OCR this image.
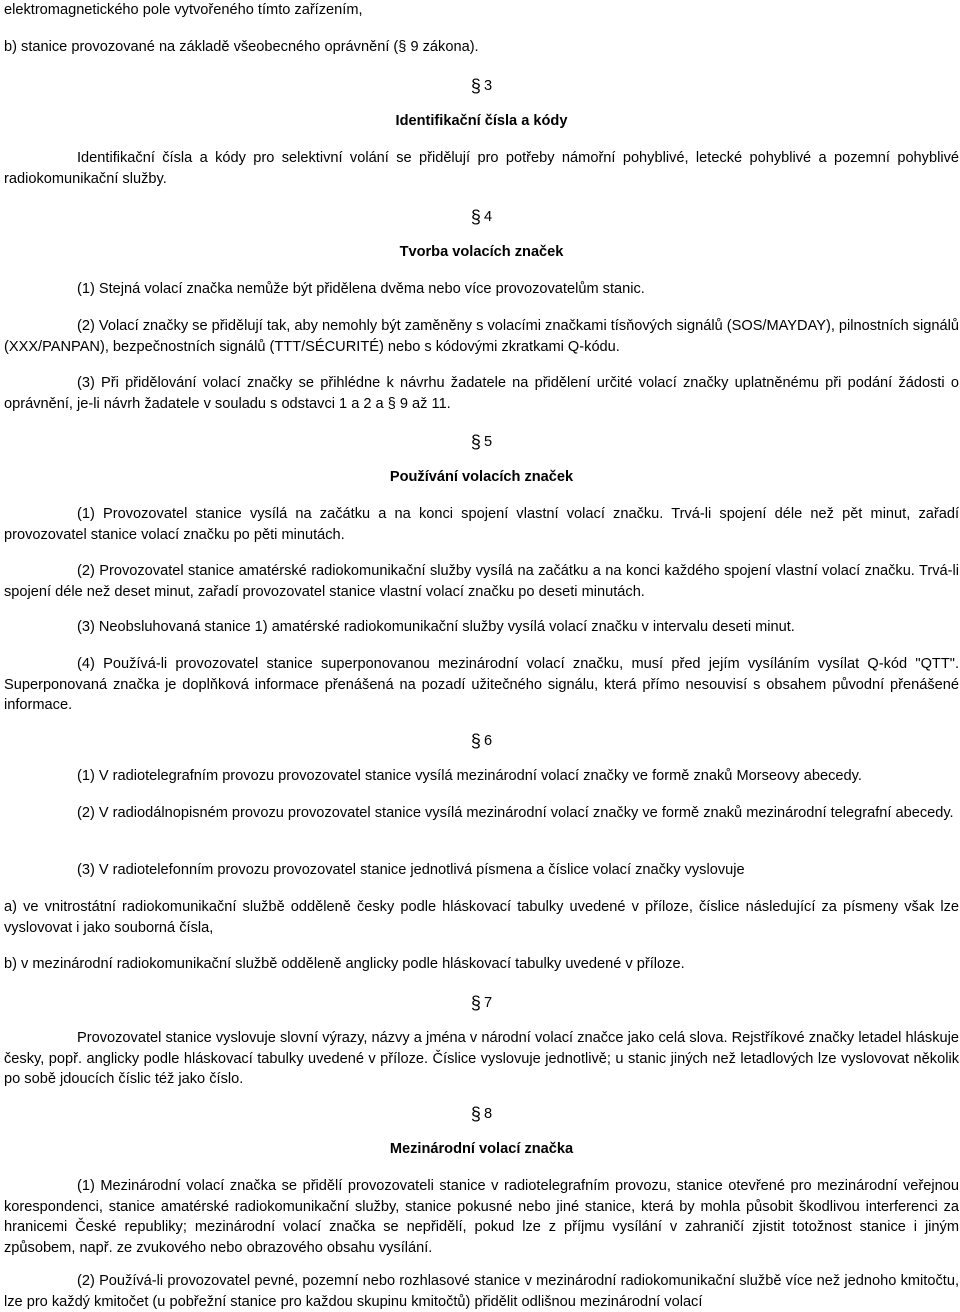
elektromagnetického pole vytvořeného tímto zařízením,
b) stanice provozované na základě všeobecného oprávnění (§ 9 zákona).
§ 3
Identifikační čísla a kódy
Identifikační čísla a kódy pro selektivní volání se přidělují pro potřeby námořní pohyblivé, letecké pohyblivé a pozemní pohyblivé radiokomunikační služby.
§ 4
Tvorba volacích značek
(1) Stejná volací značka nemůže být přidělena dvěma nebo více provozovatelům stanic.
(2) Volací značky se přidělují tak, aby nemohly být zaměněny s volacími značkami tísňových signálů (SOS/MAYDAY), pilnostních signálů (XXX/PANPAN), bezpečnostních signálů (TTT/SÉCURITÉ) nebo s kódovými zkratkami Q-kódu.
(3) Při přidělování volací značky se přihlédne k návrhu žadatele na přidělení určité volací značky uplatněnému při podání žádosti o oprávnění, je-li návrh žadatele v souladu s odstavci 1 a 2 a § 9 až 11.
§ 5
Používání volacích značek
(1) Provozovatel stanice vysílá na začátku a na konci spojení vlastní volací značku. Trvá-li spojení déle než pět minut, zařadí provozovatel stanice volací značku po pěti minutách.
(2) Provozovatel stanice amatérské radiokomunikační služby vysílá na začátku a na konci každého spojení vlastní volací značku. Trvá-li spojení déle než deset minut, zařadí provozovatel stanice vlastní volací značku po deseti minutách.
(3) Neobsluhovaná stanice 1) amatérské radiokomunikační služby vysílá volací značku v intervalu deseti minut.
(4) Používá-li provozovatel stanice superponovanou mezinárodní volací značku, musí před jejím vysíláním vysílat Q-kód "QTT". Superponovaná značka je doplňková informace přenášená na pozadí užitečného signálu, která přímo nesouvisí s obsahem původní přenášené informace.
§ 6
(1) V radiotelegrafním provozu provozovatel stanice vysílá mezinárodní volací značky ve formě znaků Morseovy abecedy.
(2) V radiodálnopisném provozu provozovatel stanice vysílá mezinárodní volací značky ve formě znaků mezinárodní telegrafní abecedy.
(3) V radiotelefonním provozu provozovatel stanice jednotlivá písmena a číslice volací značky vyslovuje
a) ve vnitrostátní radiokomunikační službě odděleně česky podle hláskovací tabulky uvedené v příloze, číslice následující za písmeny však lze vyslovovat i jako souborná čísla,
b) v mezinárodní radiokomunikační službě odděleně anglicky podle hláskovací tabulky uvedené v příloze.
§ 7
Provozovatel stanice vyslovuje slovní výrazy, názvy a jména v národní volací značce jako celá slova. Rejstříkové značky letadel hláskuje česky, popř. anglicky podle hláskovací tabulky uvedené v příloze. Číslice vyslovuje jednotlivě; u stanic jiných než letadlových lze vyslovovat několik po sobě jdoucích číslic též jako číslo.
§ 8
Mezinárodní volací značka
(1) Mezinárodní volací značka se přidělí provozovateli stanice v radiotelegrafním provozu, stanice otevřené pro mezinárodní veřejnou korespondenci, stanice amatérské radiokomunikační služby, stanice pokusné nebo jiné stanice, která by mohla působit škodlivou interferenci za hranicemi České republiky; mezinárodní volací značka se nepřidělí, pokud lze z příjmu vysílání v zahraničí zjistit totožnost stanice i jiným způsobem, např. ze zvukového nebo obrazového obsahu vysílání.
(2) Používá-li provozovatel pevné, pozemní nebo rozhlasové stanice v mezinárodní radiokomunikační službě více než jednoho kmitočtu, lze pro každý kmitočet (u pobřežní stanice pro každou skupinu kmitočtů) přidělit odlišnou mezinárodní volací
